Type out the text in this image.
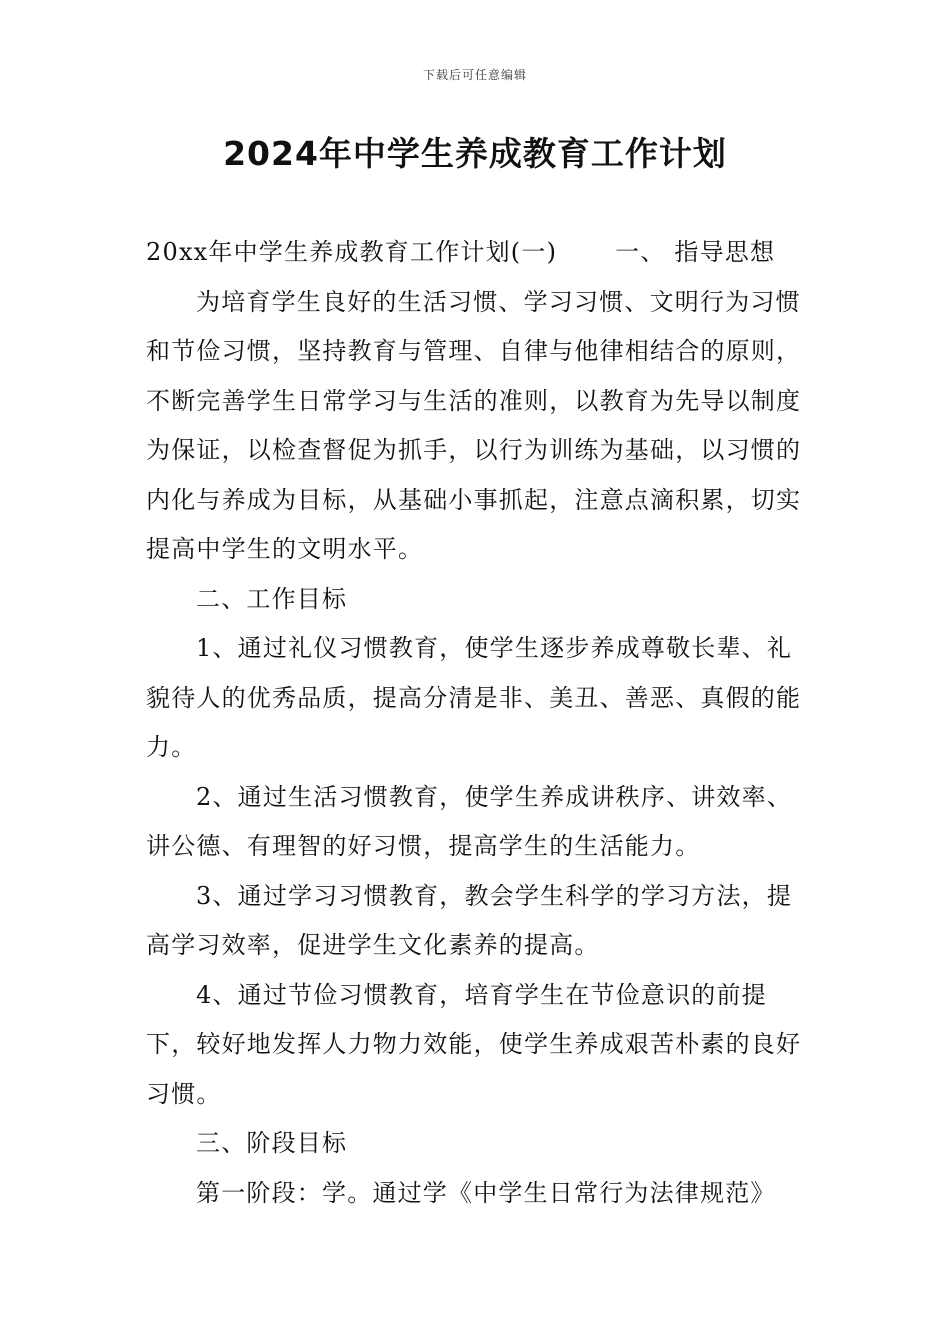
下载后可任意编辑
2024年中学生养成教育工作计划

20xx年中学生养成教育工作计划(一) 一、 指导思想

为培育学生良好的生活习惯、学习习惯、文明行为习惯和节俭习惯，坚持教育与管理、自律与他律相结合的原则，不断完善学生日常学习与生活的准则，以教育为先导以制度为保证，以检查督促为抓手，以行为训练为基础，以习惯的内化与养成为目标，从基础小事抓起，注意点滴积累，切实提高中学生的文明水平。

二、工作目标

1、通过礼仪习惯教育，使学生逐步养成尊敬长辈、礼貌待人的优秀品质，提高分清是非、美丑、善恶、真假的能力。

2、通过生活习惯教育，使学生养成讲秩序、讲效率、讲公德、有理智的好习惯，提高学生的生活能力。

3、通过学习习惯教育，教会学生科学的学习方法，提高学习效率，促进学生文化素养的提高。

4、通过节俭习惯教育，培育学生在节俭意识的前提下，较好地发挥人力物力效能，使学生养成艰苦朴素的良好习惯。

三、阶段目标

第一阶段：学。通过学《中学生日常行为法律规范》
